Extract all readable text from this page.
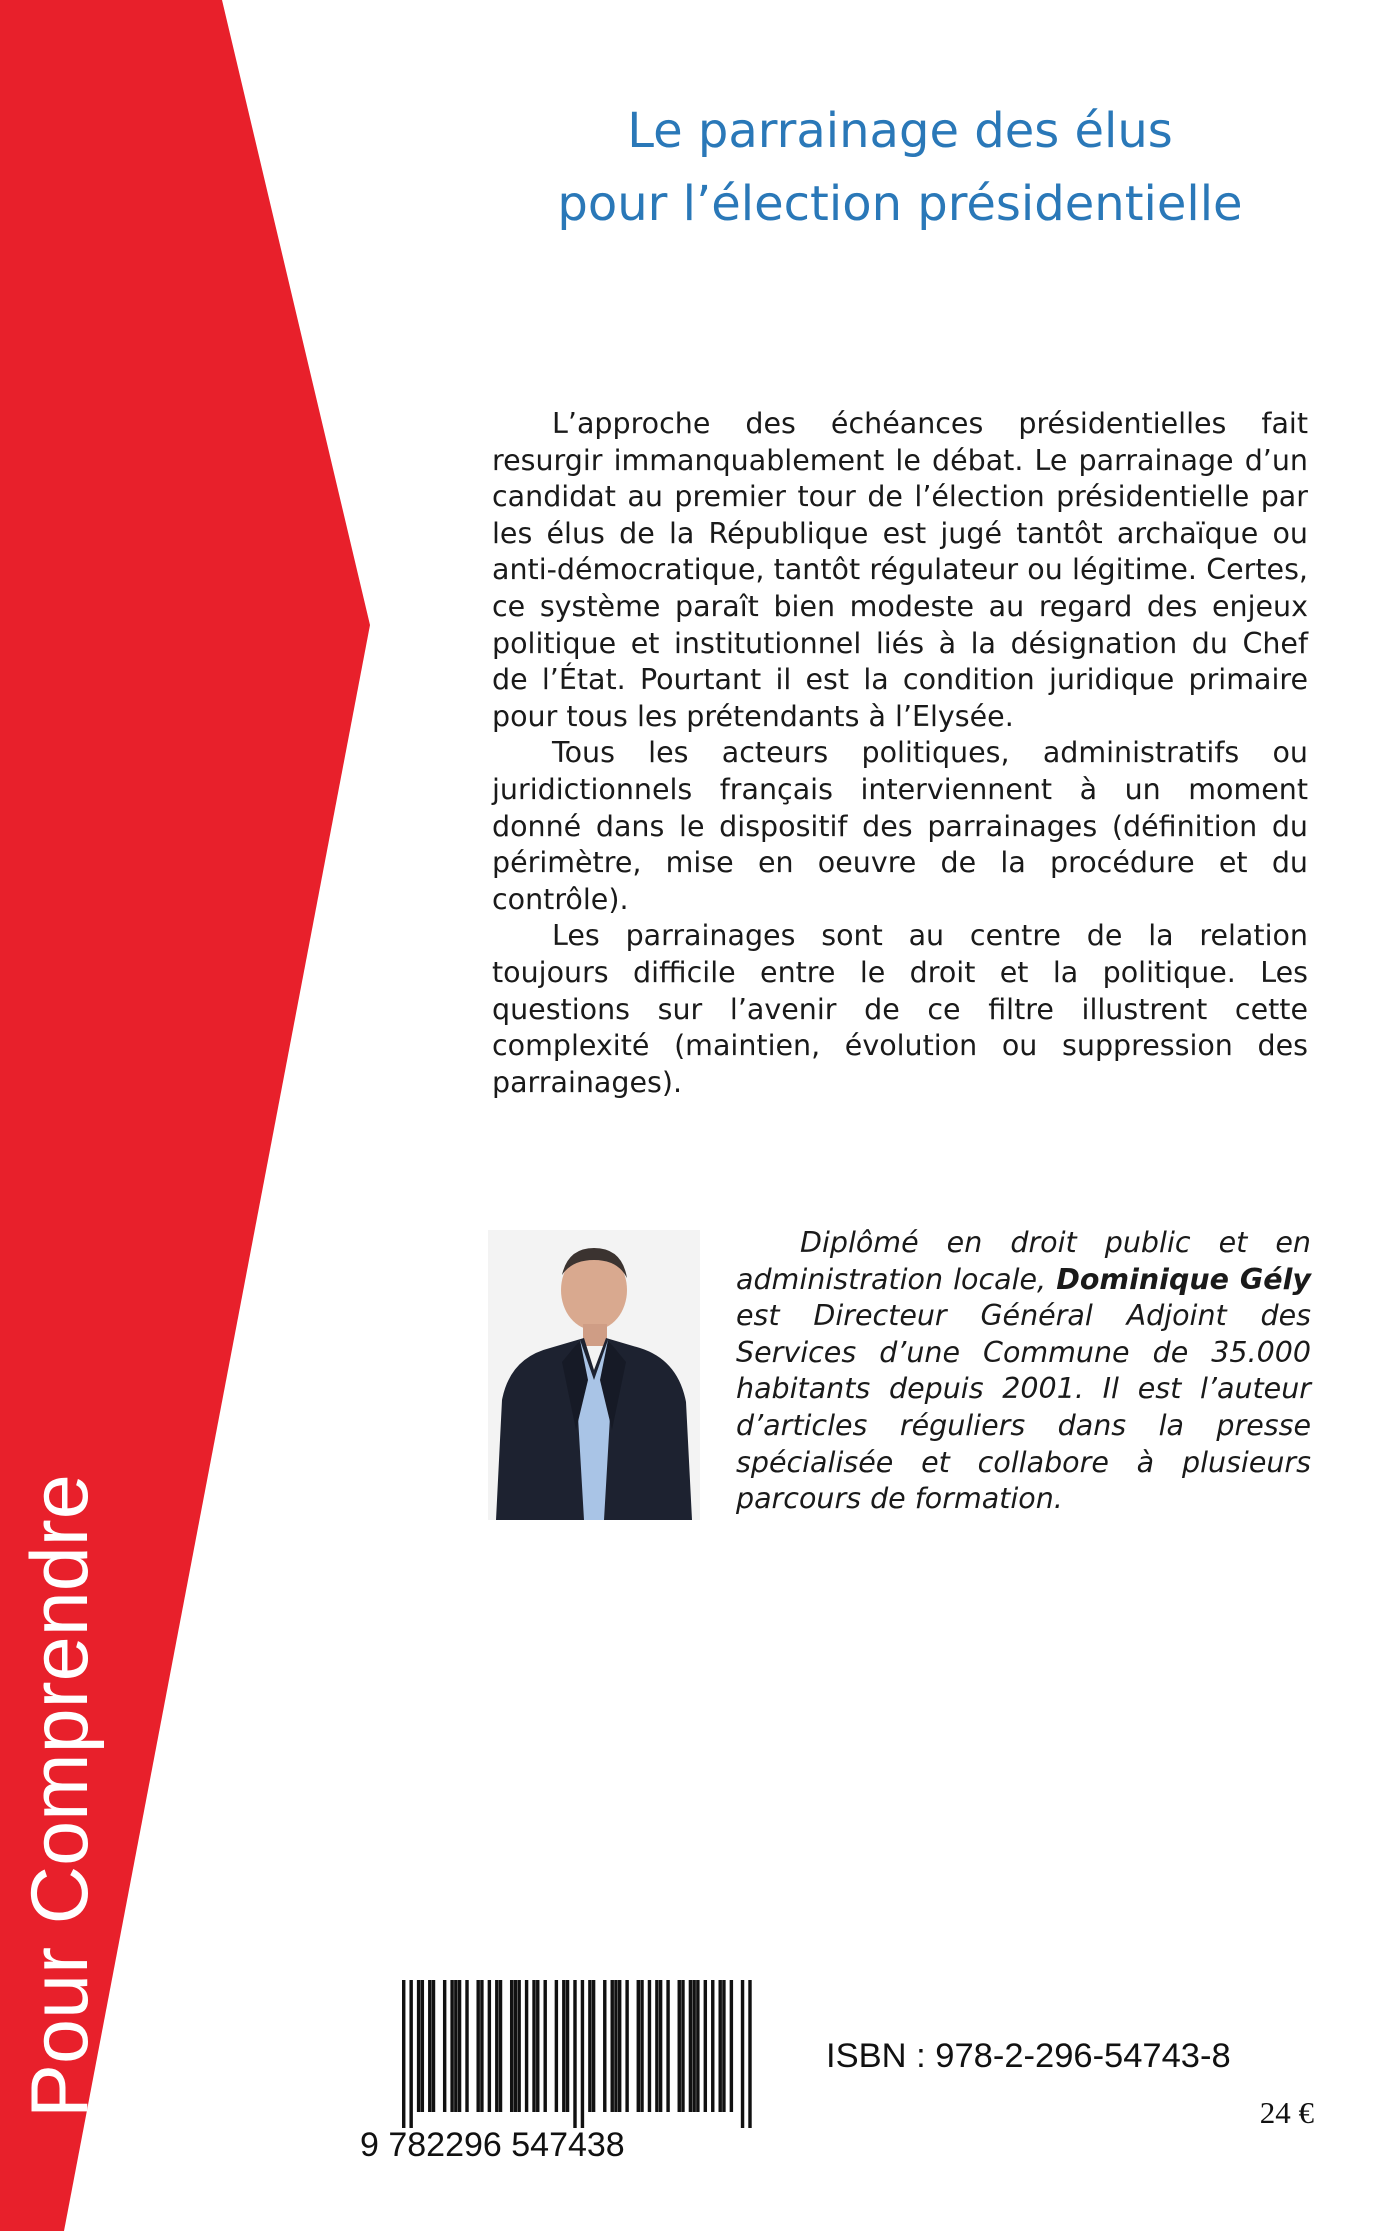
Pour Comprendre
Le parrainage des élus
pour l’élection présidentielle

L’approche des échéances présidentielles fait resurgir immanquablement le débat. Le parrainage d’un candidat au premier tour de l’élection présidentielle par les élus de la République est jugé tantôt archaïque ou anti-démocratique, tantôt régulateur ou légitime. Certes, ce système paraît bien modeste au regard des enjeux politique et institutionnel liés à la désignation du Chef de l’État. Pourtant il est la condition juridique primaire pour tous les prétendants à l’Elysée.

Tous les acteurs politiques, administratifs ou juridictionnels français interviennent à un moment donné dans le dispositif des parrainages (définition du périmètre, mise en oeuvre de la procédure et du contrôle).

Les parrainages sont au centre de la relation toujours difficile entre le droit et la politique. Les questions sur l’avenir de ce filtre illustrent cette complexité (maintien, évolution ou suppression des parrainages).

Diplômé en droit public et en administration locale, Dominique Gély est Directeur Général Adjoint des Services d’une Commune de 35.000 habitants depuis 2001. Il est l’auteur d’articles réguliers dans la presse spécialisée et collabore à plusieurs parcours de formation.

9 782296 547438
ISBN : 978-2-296-54743-8
24 €
